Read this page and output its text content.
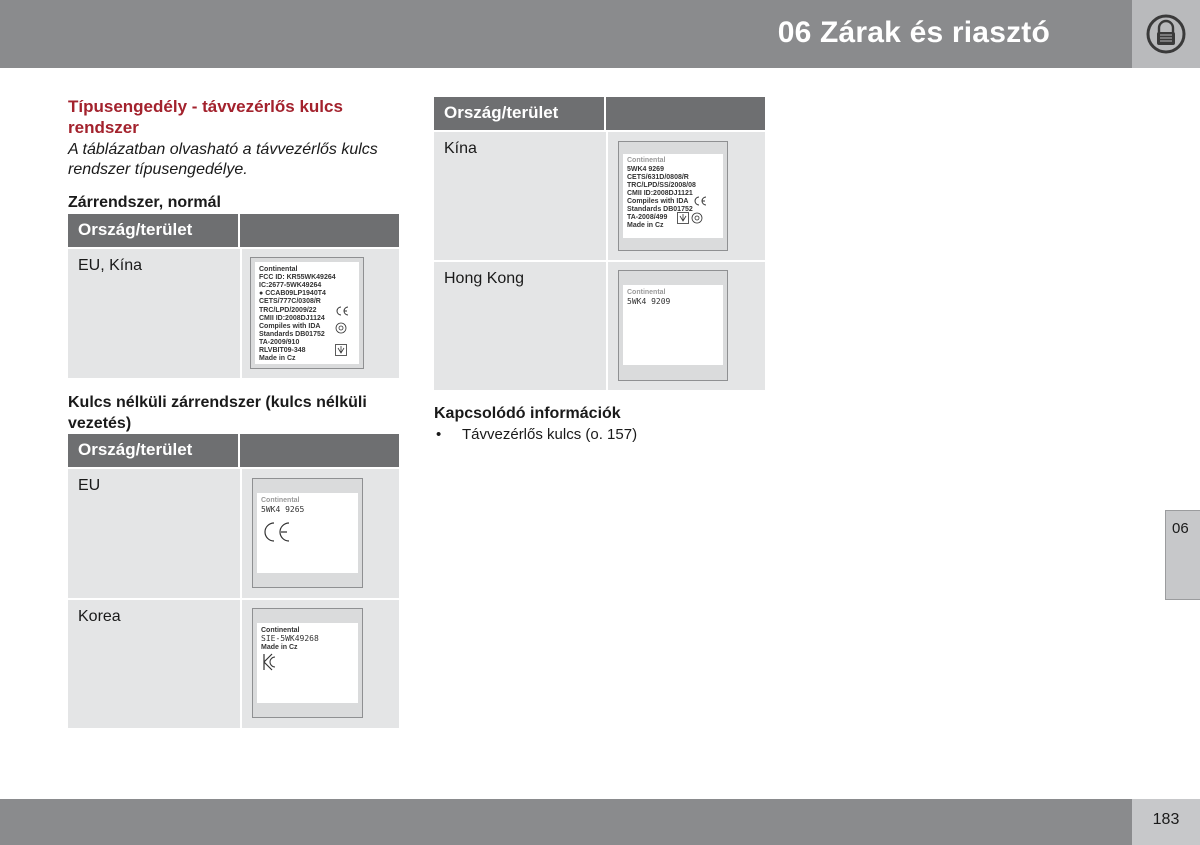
06 Zárak és riasztó
Típusengedély - távvezérlős kulcs rendszer
A táblázatban olvasható a távvezérlős kulcs rendszer típusengedélye.
Zárrendszer, normál
Ország/terület
EU, Kína	Continental
FCC ID: KR55WK49264
IC:2677-5WK49264
● CCAB09LP1940T4
CETS/777C/0308/R
TRC/LPD/2009/22
CMII ID:2008DJ1124
Compiles with IDA
Standards DB01752
TA-2009/910
RLVBIT09-348
Made in Cz
Kulcs nélküli zárrendszer (kulcs nélküli vezetés)
Ország/terület
EU
Continental
5WK4 9265
Korea
Continental
SIE-5WK49268
Made in Cz
Ország/terület
Kína
Continental
5WK4 9269
CETS/631D/0808/R
TRC/LPD/SS/2008/08
CMII ID:2008DJ1121
Compiles with IDA
Standards DB01752
TA-2008/499
Made in Cz
Hong Kong
Continental
5WK4 9209
Kapcsolódó információk
• Távvezérlős kulcs (o. 157)
06
183
